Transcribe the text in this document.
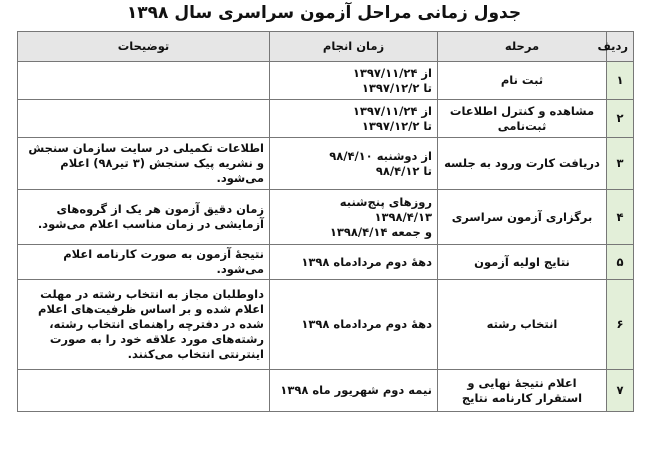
جدول زمانی مراحل آزمون سراسری سال ۱۳۹۸
ردیف	مرحله	زمان انجام	توضیحات
۱	ثبت نام	از ۱۳۹۷/۱۱/۲۴
تا ۱۳۹۷/۱۲/۲	

۲	مشاهده و کنترل اطلاعات ثبت‌نامی	از ۱۳۹۷/۱۱/۲۴
تا ۱۳۹۷/۱۲/۲	

۳	دریافت کارت ورود به جلسه	از دوشنبه ۹۸/۴/۱۰
تا ۹۸/۴/۱۲	اطلاعات تکمیلی در سایت سازمان سنجش و نشریه پیک سنجش (۳ تیر۹۸) اعلام می‌شود.
۴	برگزاری آزمون سراسری	روزهای پنج‌شنبه
۱۳۹۸/۴/۱۳
و جمعه ۱۳۹۸/۴/۱۴	زمان دقیق آزمون هر یک از گروه‌های آزمایشی در زمان مناسب اعلام می‌شود.
۵	نتایج اولیه آزمون	دههٔ دوم مردادماه ۱۳۹۸	نتیجهٔ آزمون به صورت کارنامه اعلام می‌شود.
۶	انتخاب رشته	دههٔ دوم مردادماه ۱۳۹۸	داوطلبان مجاز به انتخاب رشته در مهلت اعلام شده و بر اساس ظرفیت‌های اعلام شده در دفترچه راهنمای انتخاب رشته، رشته‌های مورد علاقه خود را به صورت اینترنتی انتخاب می‌کنند.
۷	اعلام نتیجهٔ نهایی و استقرار کارنامه نتایج	نیمه دوم شهریور ماه ۱۳۹۸	
